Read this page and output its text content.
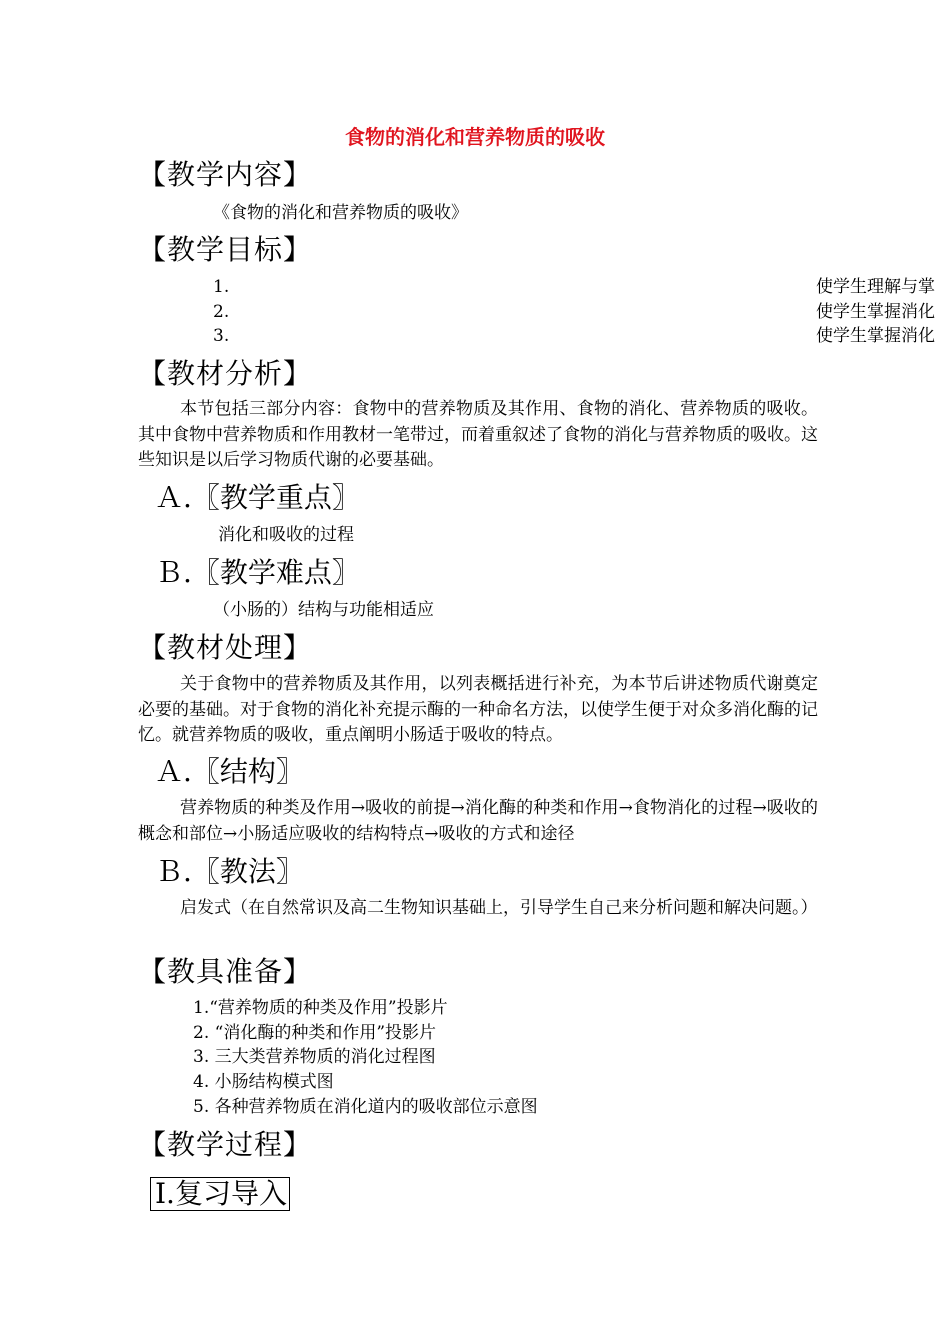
食物的消化和营养物质的吸收
【教学内容】
《食物的消化和营养物质的吸收》
【教学目标】
1.	使学生理解与掌
2.	使学生掌握消化
3.	使学生掌握消化
【教材分析】
本节包括三部分内容：食物中的营养物质及其作用、食物的消化、营养物质的吸收。其中食物中营养物质和作用教材一笔带过，而着重叙述了食物的消化与营养物质的吸收。这些知识是以后学习物质代谢的必要基础。
Ａ.〖教学重点〗
消化和吸收的过程
Ｂ.〖教学难点〗
（小肠的）结构与功能相适应
【教材处理】
关于食物中的营养物质及其作用，以列表概括进行补充，为本节后讲述物质代谢奠定必要的基础。对于食物的消化补充提示酶的一种命名方法，以使学生便于对众多消化酶的记忆。就营养物质的吸收，重点阐明小肠适于吸收的特点。
Ａ.〖结构〗
营养物质的种类及作用→吸收的前提→消化酶的种类和作用→食物消化的过程→吸收的概念和部位→小肠适应吸收的结构特点→吸收的方式和途径
Ｂ.〖教法〗
启发式（在自然常识及高二生物知识基础上，引导学生自己来分析问题和解决问题。）
【教具准备】
1.“营养物质的种类及作用”投影片
2. “消化酶的种类和作用”投影片
3. 三大类营养物质的消化过程图
4. 小肠结构模式图
5. 各种营养物质在消化道内的吸收部位示意图
【教学过程】
Ⅰ.复习导入
